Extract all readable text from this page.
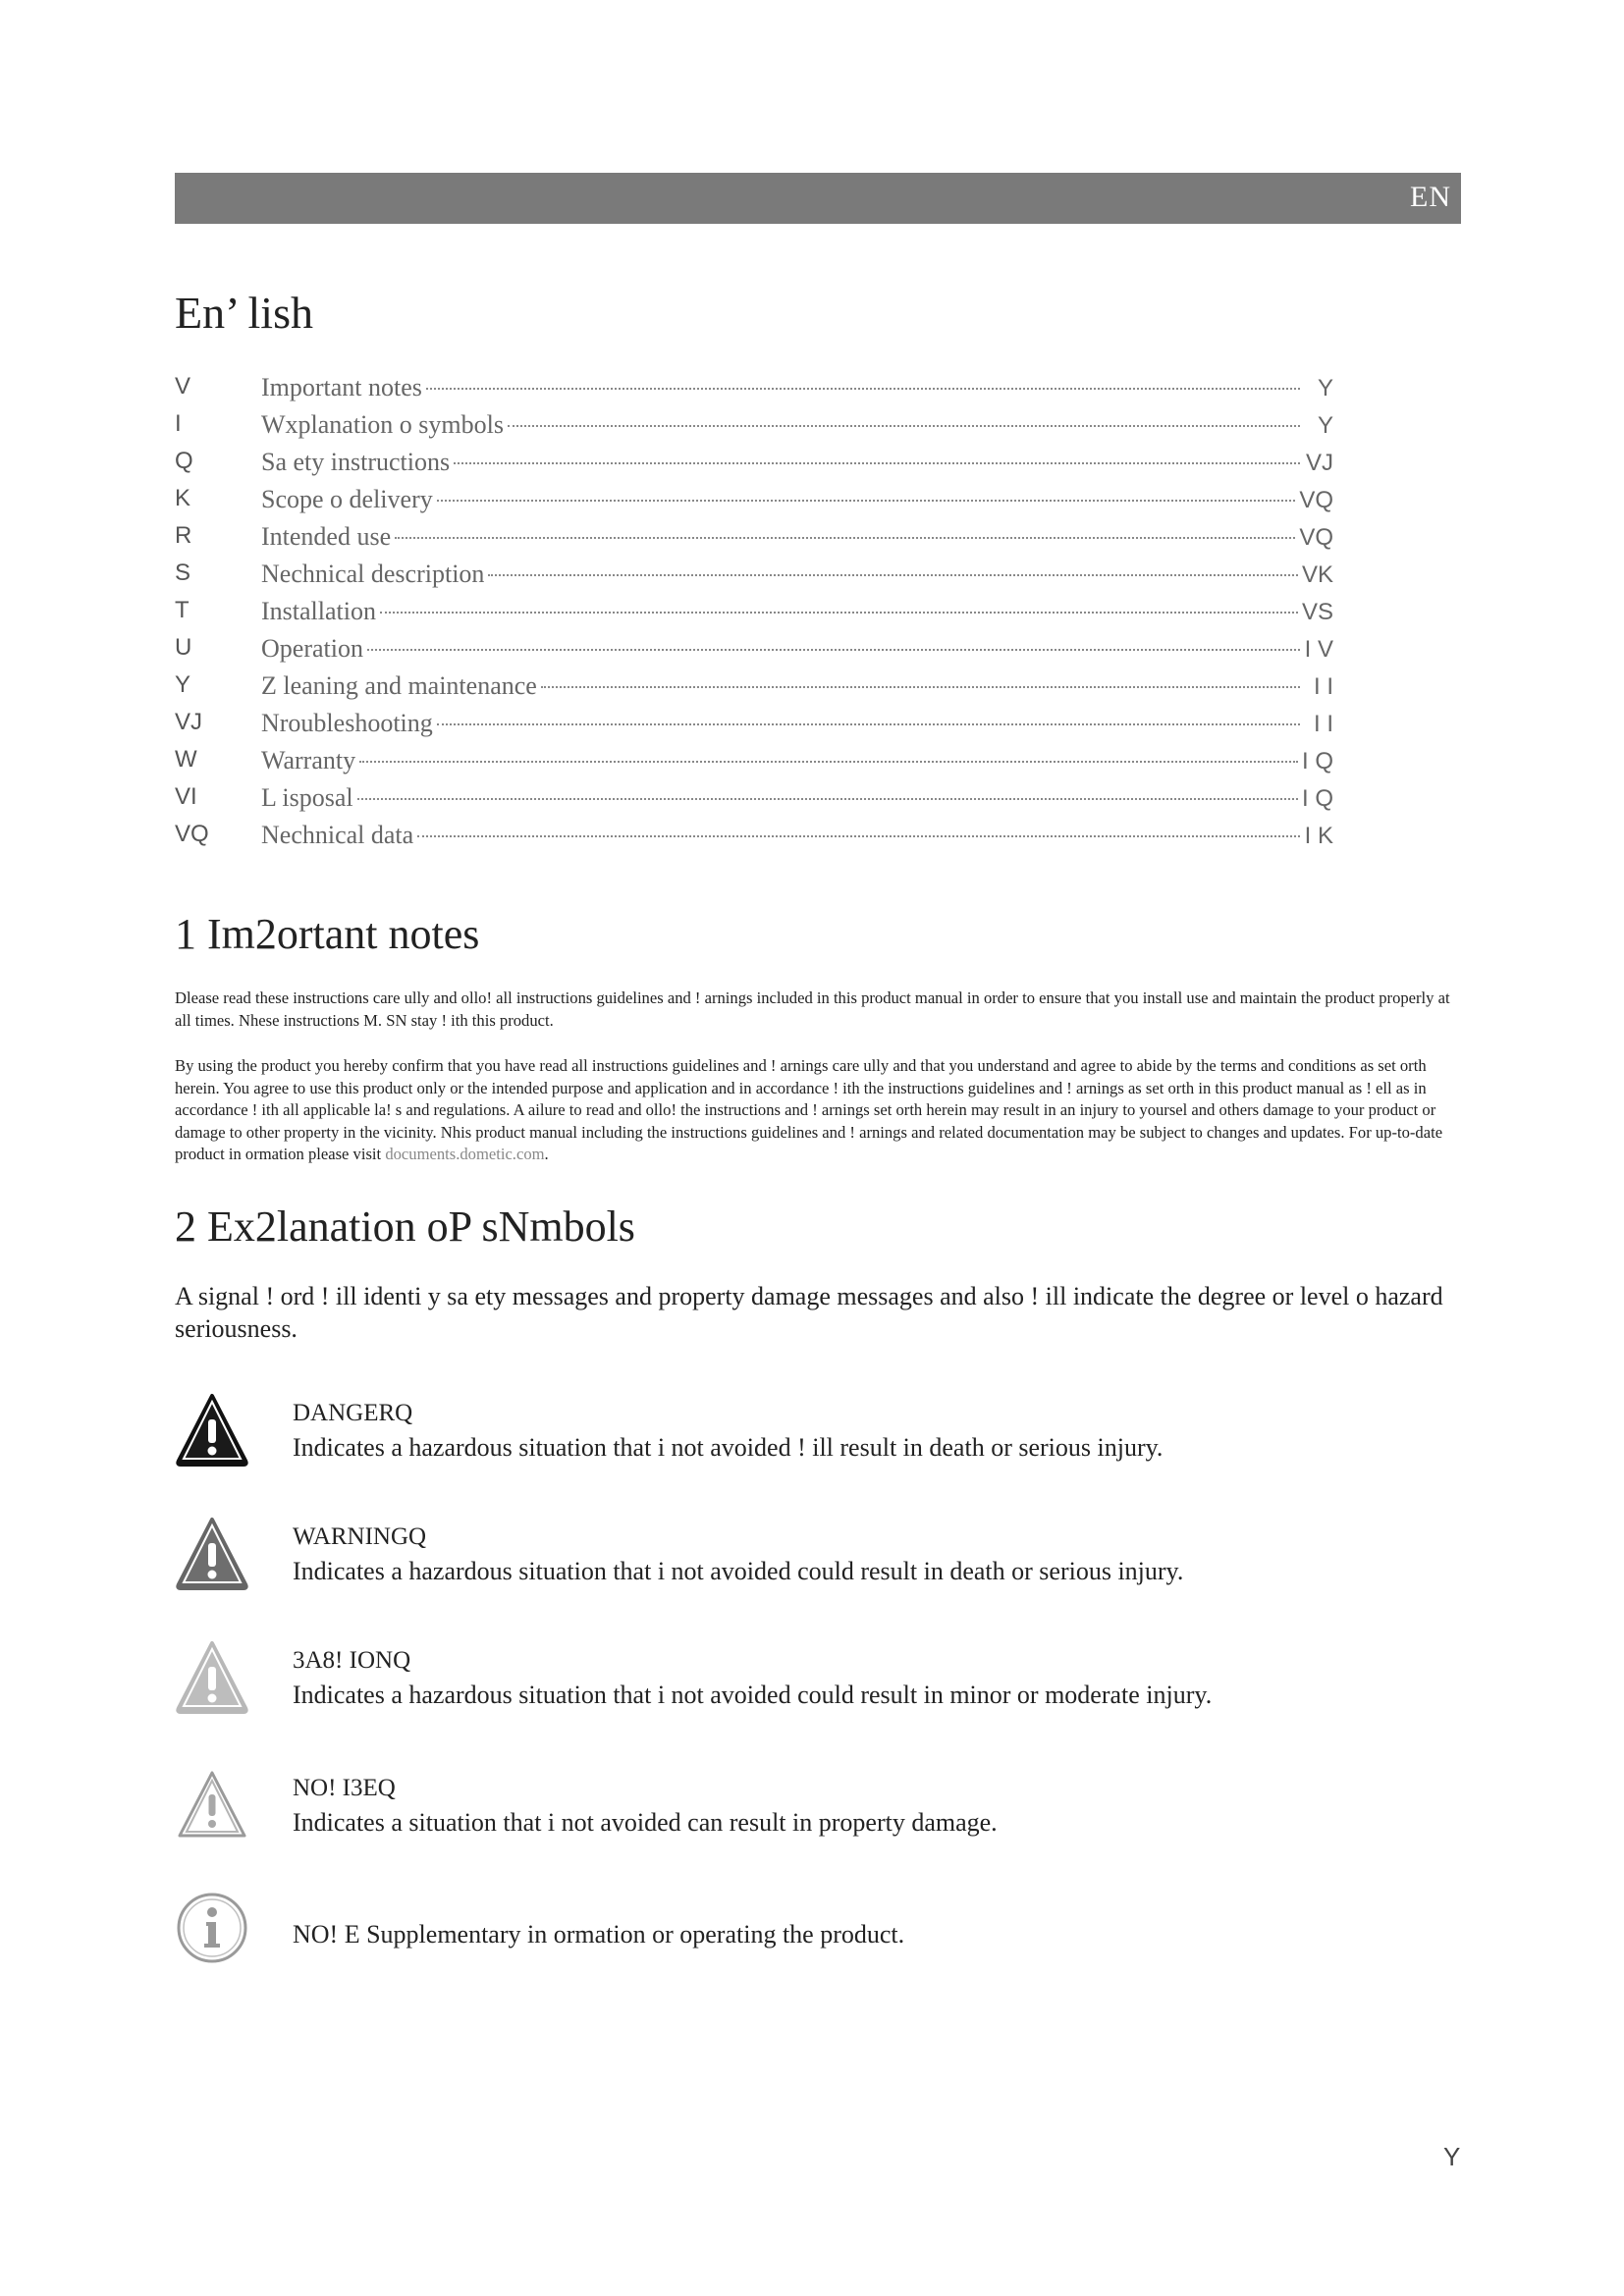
EN
En’ lish
V	Important notes	Y
I	Wxplanation o symbols	Y
Q	Sa ety instructions	VJ
K	Scope o delivery	VQ
R	Intended use	VQ
S	Nechnical description	VK
T	Installation	VS
U	Operation	I V
Y	Z leaning and maintenance	I I
VJ	Nroubleshooting	I I
W	Warranty	I Q
VI	L isposal	I Q
VQ	Nechnical data	I K
1 Im2ortant notes

Dlease read these instructions care ully and ollo! all instructions guidelines and ! arnings included in this product manual in order to ensure that you install use and maintain the product properly at all times. Nhese instructions M. SN stay ! ith this product.

By using the product you hereby confirm that you have read all instructions guidelines and ! arnings care ully and that you understand and agree to abide by the terms and conditions as set orth herein. You agree to use this product only or the intended purpose and application and in accordance ! ith the instructions guidelines and ! arnings as set orth in this product manual as ! ell as in accordance ! ith all applicable la! s and regulations. A ailure to read and ollo! the instructions and ! arnings set orth herein may result in an injury to yoursel and others damage to your product or damage to other property in the vicinity. Nhis product manual including the instructions guidelines and ! arnings and related documentation may be subject to changes and updates. For up-to-date product in ormation please visit documents.dometic.com.

2 Ex2lanation oP sNmbols

A signal ! ord ! ill identi y sa ety messages and property damage messages and also ! ill indicate the degree or level o hazard seriousness.

DANGERQ
Indicates a hazardous situation that i not avoided ! ill result in death or serious injury.
WARNINGQ
Indicates a hazardous situation that i not avoided could result in death or serious injury.
3A8! IONQ
Indicates a hazardous situation that i not avoided could result in minor or moderate injury.
NO! I3EQ
Indicates a situation that i not avoided can result in property damage.
NO! E Supplementary in ormation or operating the product.
Y
